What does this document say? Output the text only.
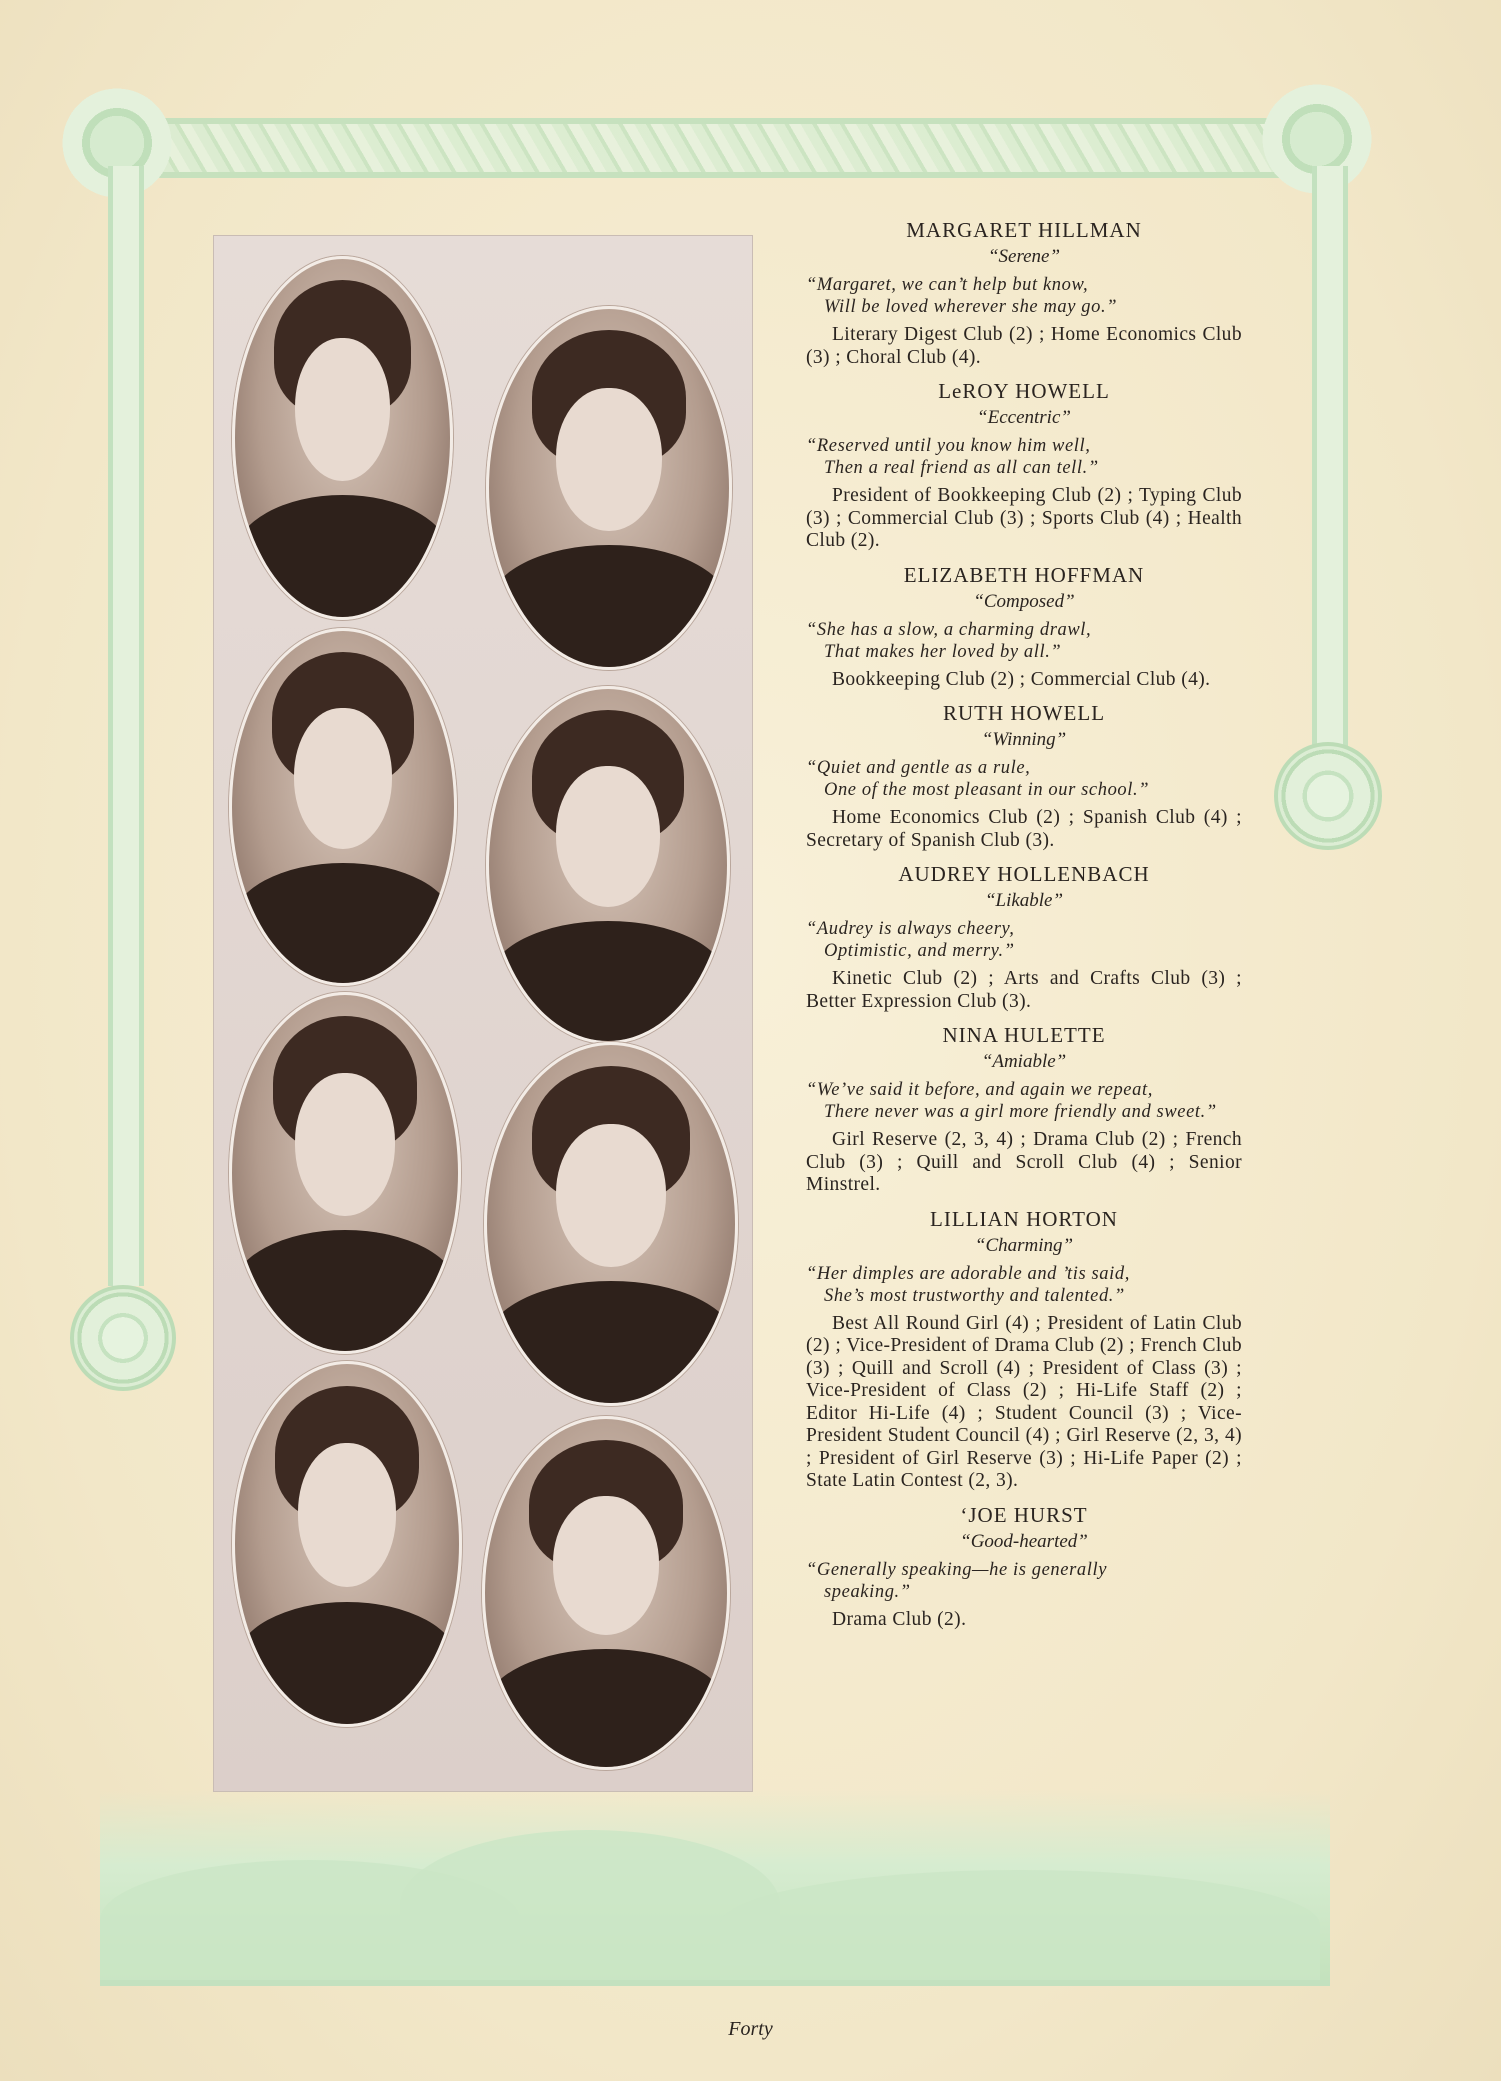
MARGARET HILLMAN

“Serene”

“Margaret, we can’t help but know,
Will be loved wherever she may go.”

Literary Digest Club (2) ; Home Economics Club (3) ; Choral Club (4).

LeROY HOWELL

“Eccentric”

“Reserved until you know him well,
Then a real friend as all can tell.”

President of Bookkeeping Club (2) ; Typing Club (3) ; Commercial Club (3) ; Sports Club (4) ; Health Club (2).

ELIZABETH HOFFMAN

“Composed”

“She has a slow, a charming drawl,
That makes her loved by all.”

Bookkeeping Club (2) ; Commercial Club (4).

RUTH HOWELL

“Winning”

“Quiet and gentle as a rule,
One of the most pleasant in our school.”

Home Economics Club (2) ; Spanish Club (4) ; Secretary of Spanish Club (3).

AUDREY HOLLENBACH

“Likable”

“Audrey is always cheery,
Optimistic, and merry.”

Kinetic Club (2) ; Arts and Crafts Club (3) ; Better Expression Club (3).

NINA HULETTE

“Amiable”

“We’ve said it before, and again we repeat,
There never was a girl more friendly and sweet.”

Girl Reserve (2, 3, 4) ; Drama Club (2) ; French Club (3) ; Quill and Scroll Club (4) ; Senior Minstrel.

LILLIAN HORTON

“Charming”

“Her dimples are adorable and ’tis said,
She’s most trustworthy and talented.”

Best All Round Girl (4) ; President of Latin Club (2) ; Vice-President of Drama Club (2) ; French Club (3) ; Quill and Scroll (4) ; President of Class (3) ; Vice-President of Class (2) ; Hi-Life Staff (2) ; Editor Hi-Life (4) ; Student Council (3) ; Vice-President Student Council (4) ; Girl Reserve (2, 3, 4) ; President of Girl Reserve (3) ; Hi-Life Paper (2) ; State Latin Contest (2, 3).

ʻJOE HURST

“Good-hearted”

“Generally speaking—he is generally
speaking.”

Drama Club (2).

Forty
